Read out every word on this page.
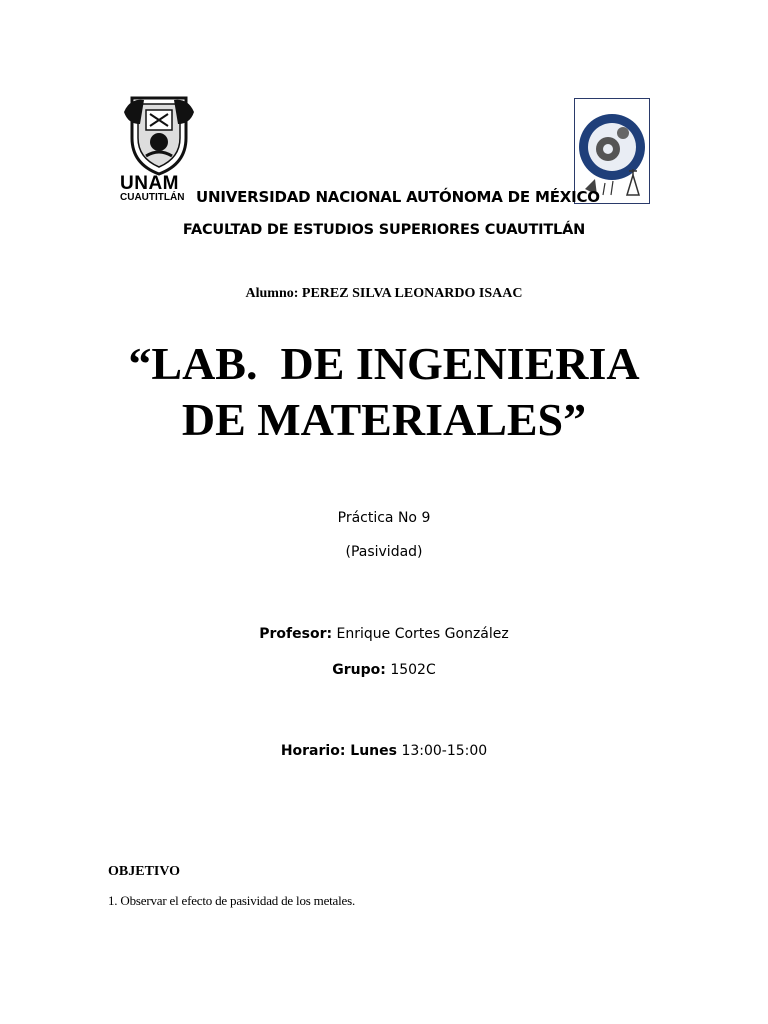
UNAM
CUAUTITLÁN UNIVERSIDAD NACIONAL AUTÓNOMA DE MÉXICO
FACULTAD DE ESTUDIOS SUPERIORES CUAUTITLÁN
Alumno: PEREZ SILVA LEONARDO ISAAC
“LAB.  DE INGENIERIA
DE MATERIALES”
Práctica No 9
(Pasividad)
Profesor: Enrique Cortes González
Grupo: 1502C
Horario: Lunes 13:00-15:00
OBJETIVO
1. Observar el efecto de pasividad de los metales.
